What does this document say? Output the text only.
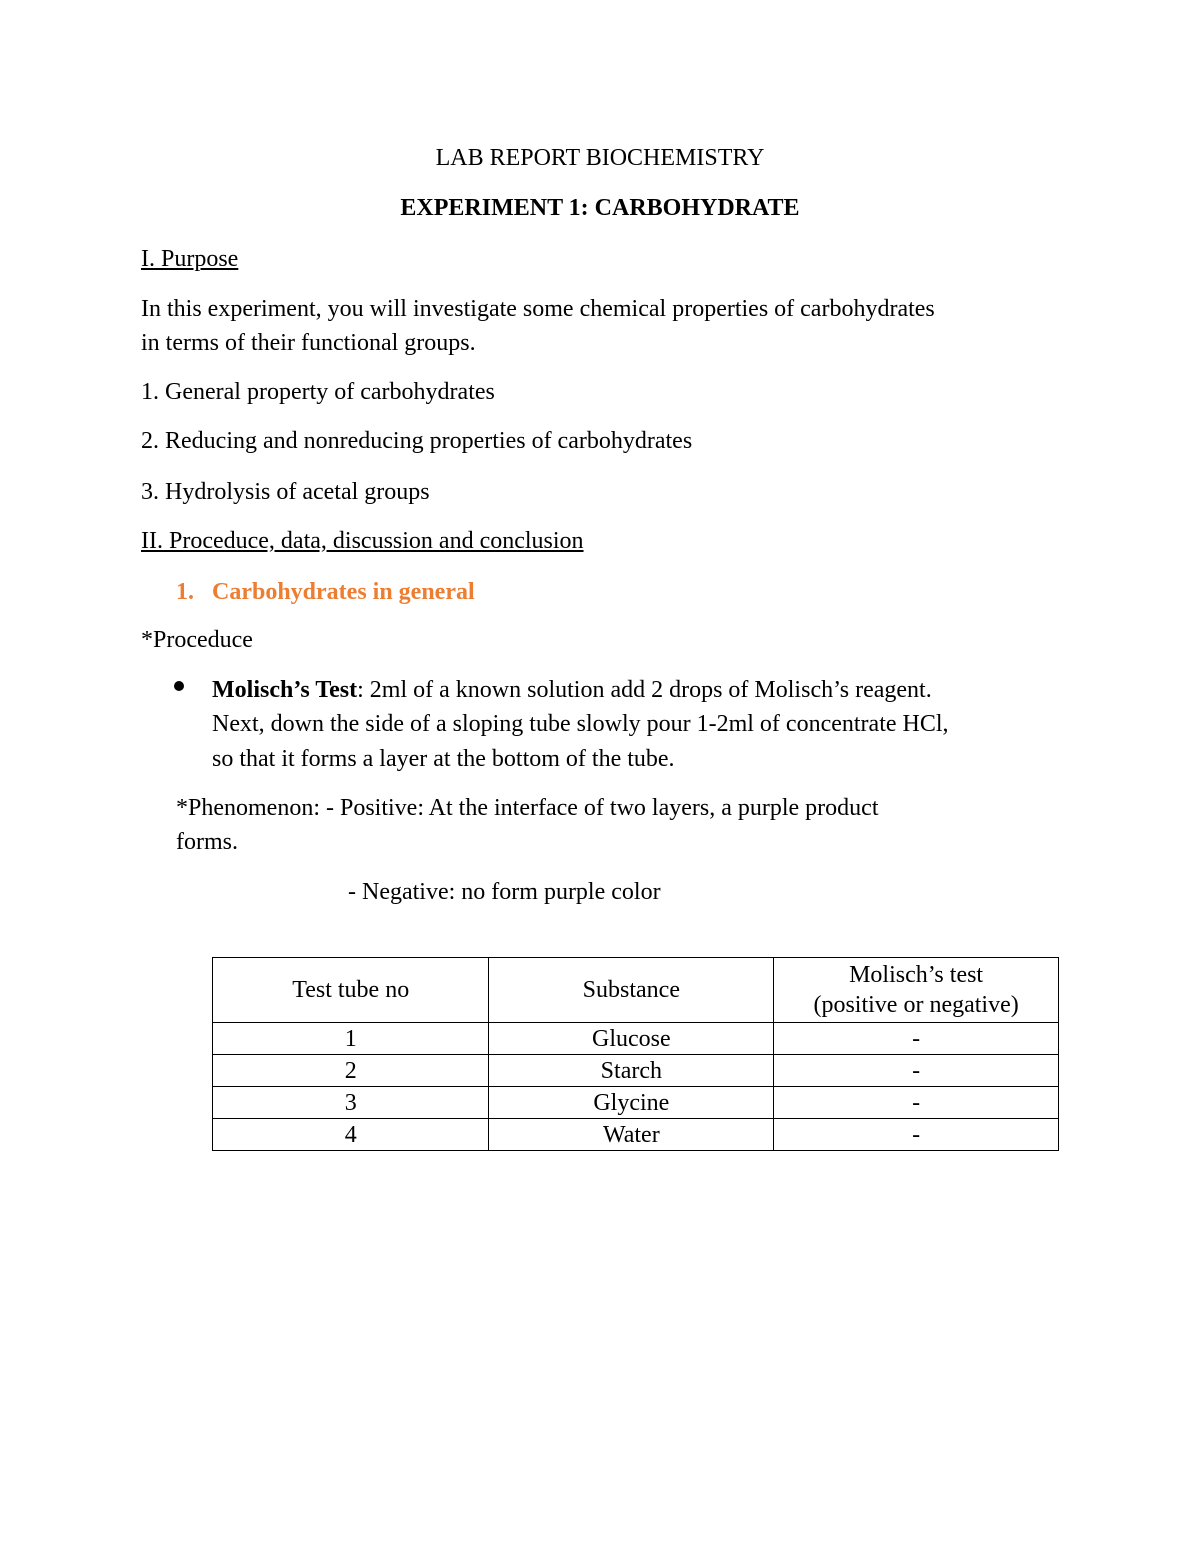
LAB REPORT BIOCHEMISTRY
EXPERIMENT 1: CARBOHYDRATE
I. Purpose
In this experiment, you will investigate some chemical properties of carbohydrates
in terms of their functional groups.
1. General property of carbohydrates
2. Reducing and nonreducing properties of carbohydrates
3. Hydrolysis of acetal groups
II. Proceduce, data, discussion and conclusion
1. Carbohydrates in general
*Proceduce
Molisch’s Test: 2ml of a known solution add 2 drops of Molisch’s reagent.
Next, down the side of a sloping tube slowly pour 1-2ml of concentrate HCl,
so that it forms a layer at the bottom of the tube.
*Phenomenon: - Positive: At the interface of two layers, a purple product
forms.
- Negative: no form purple color
Test tube no	Substance	Molisch’s test
(positive or negative)

1	Glucose	-
2	Starch	-
3	Glycine	-
4	Water	-
